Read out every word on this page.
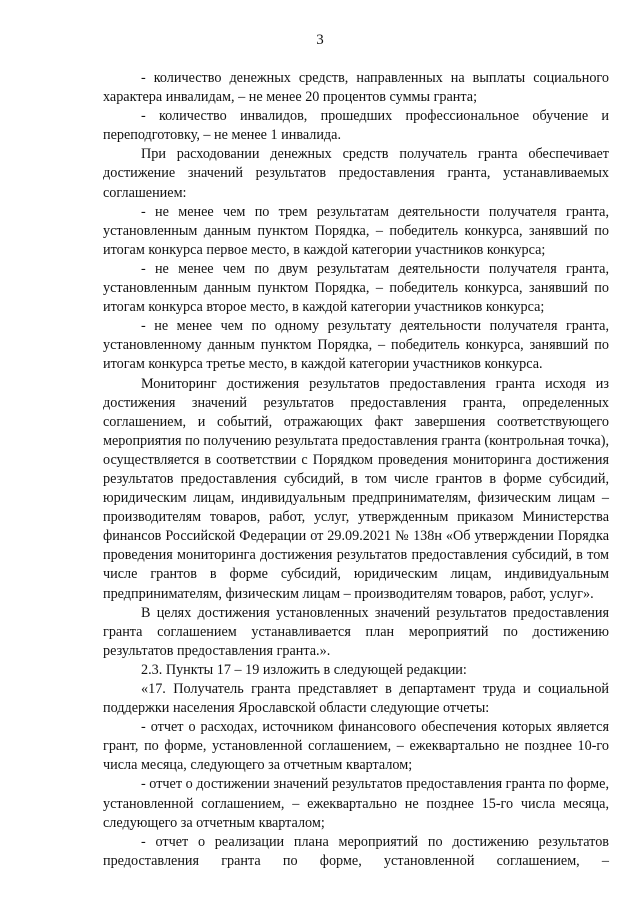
3

- количество денежных средств, направленных на выплаты социального характера инвалидам, – не менее 20 процентов суммы гранта;

- количество инвалидов, прошедших профессиональное обучение и переподготовку, – не менее 1 инвалида.

При расходовании денежных средств получатель гранта обеспечивает достижение значений результатов предоставления гранта, устанавливаемых соглашением:

- не менее чем по трем результатам деятельности получателя гранта, установленным данным пунктом Порядка, – победитель конкурса, занявший по итогам конкурса первое место, в каждой категории участников конкурса;

- не менее чем по двум результатам деятельности получателя гранта, установленным данным пунктом Порядка, – победитель конкурса, занявший по итогам конкурса второе место, в каждой категории участников конкурса;

- не менее чем по одному результату деятельности получателя гранта, установленному данным пунктом Порядка, – победитель конкурса, занявший по итогам конкурса третье место, в каждой категории участников конкурса.

Мониторинг достижения результатов предоставления гранта исходя из достижения значений результатов предоставления гранта, определенных соглашением, и событий, отражающих факт завершения соответствующего мероприятия по получению результата предоставления гранта (контрольная точка), осуществляется в соответствии с Порядком проведения мониторинга достижения результатов предоставления субсидий, в том числе грантов в форме субсидий, юридическим лицам, индивидуальным предпринимателям, физическим лицам – производителям товаров, работ, услуг, утвержденным приказом Министерства финансов Российской Федерации от 29.09.2021 № 138н «Об утверждении Порядка проведения мониторинга достижения результатов предоставления субсидий, в том числе грантов в форме субсидий, юридическим лицам, индивидуальным предпринимателям, физическим лицам – производителям товаров, работ, услуг».

В целях достижения установленных значений результатов предоставления гранта соглашением устанавливается план мероприятий по достижению результатов предоставления гранта.».

2.3. Пункты 17 – 19 изложить в следующей редакции:

«17. Получатель гранта представляет в департамент труда и социальной поддержки населения Ярославской области следующие отчеты:

- отчет о расходах, источником финансового обеспечения которых является грант, по форме, установленной соглашением, – ежеквартально не позднее 10-го числа месяца, следующего за отчетным кварталом;

- отчет о достижении значений результатов предоставления гранта по форме, установленной соглашением, – ежеквартально не позднее 15-го числа месяца, следующего за отчетным кварталом;

- отчет о реализации плана мероприятий по достижению результатов предоставления гранта по форме, установленной соглашением, –
